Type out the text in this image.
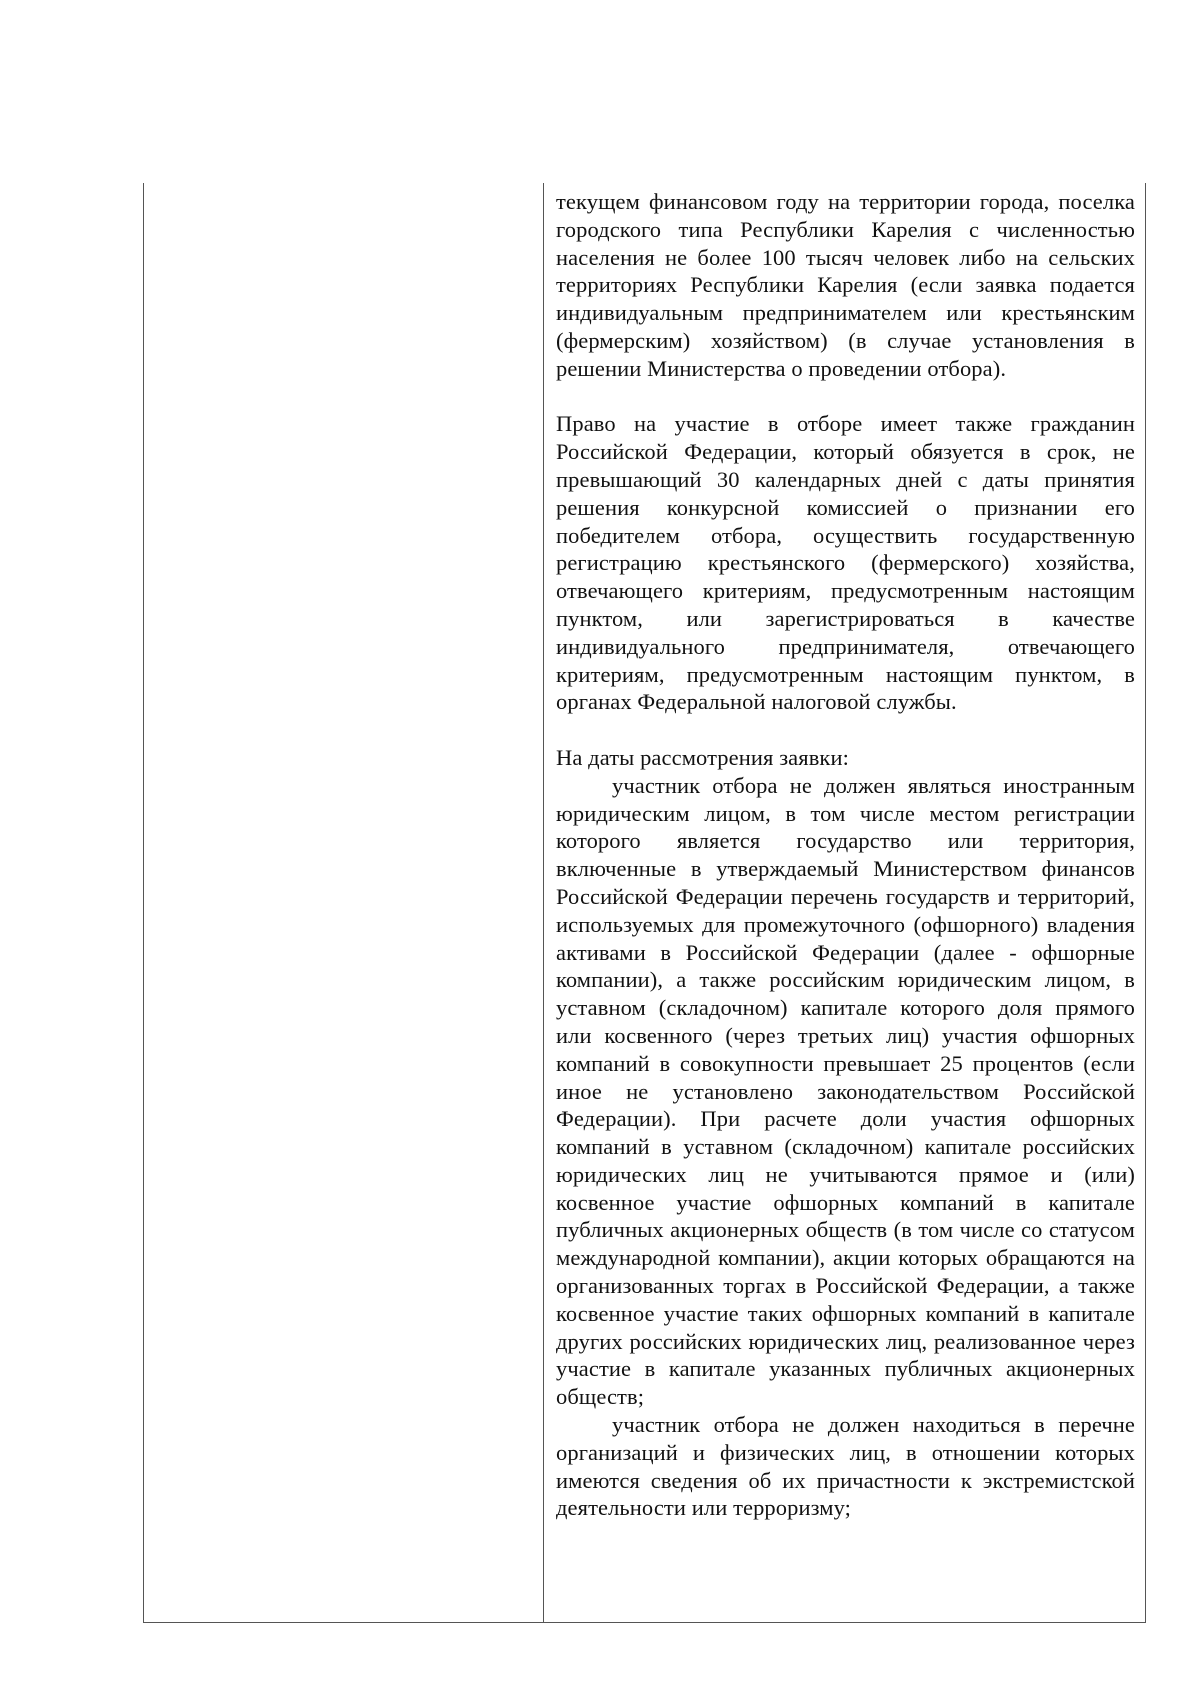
текущем финансовом году на территории города, поселка городского типа Республики Карелия с численностью населения не более 100 тысяч человек либо на сельских территориях Республики Карелия (если заявка подается индивидуальным предпринимателем или крестьянским (фермерским) хозяйством) (в случае установления в решении Министерства о проведении отбора).

Право на участие в отборе имеет также гражданин Российской Федерации, который обязуется в срок, не превышающий 30 календарных дней с даты принятия решения конкурсной комиссией о признании его победителем отбора, осуществить государственную регистрацию крестьянского (фермерского) хозяйства, отвечающего критериям, предусмотренным настоящим пунктом, или зарегистрироваться в качестве индивидуального предпринимателя, отвечающего критериям, предусмотренным настоящим пунктом, в органах Федеральной налоговой службы.

На даты рассмотрения заявки:

участник отбора не должен являться иностранным юридическим лицом, в том числе местом регистрации которого является государство или территория, включенные в утверждаемый Министерством финансов Российской Федерации перечень государств и территорий, используемых для промежуточного (офшорного) владения активами в Российской Федерации (далее - офшорные компании), а также российским юридическим лицом, в уставном (складочном) капитале которого доля прямого или косвенного (через третьих лиц) участия офшорных компаний в совокупности превышает 25 процентов (если иное не установлено законодательством Российской Федерации). При расчете доли участия офшорных компаний в уставном (складочном) капитале российских юридических лиц не учитываются прямое и (или) косвенное участие офшорных компаний в капитале публичных акционерных обществ (в том числе со статусом международной компании), акции которых обращаются на организованных торгах в Российской Федерации, а также косвенное участие таких офшорных компаний в капитале других российских юридических лиц, реализованное через участие в капитале указанных публичных акционерных обществ;

участник отбора не должен находиться в перечне организаций и физических лиц, в отношении которых имеются сведения об их причастности к экстремистской деятельности или терроризму;
